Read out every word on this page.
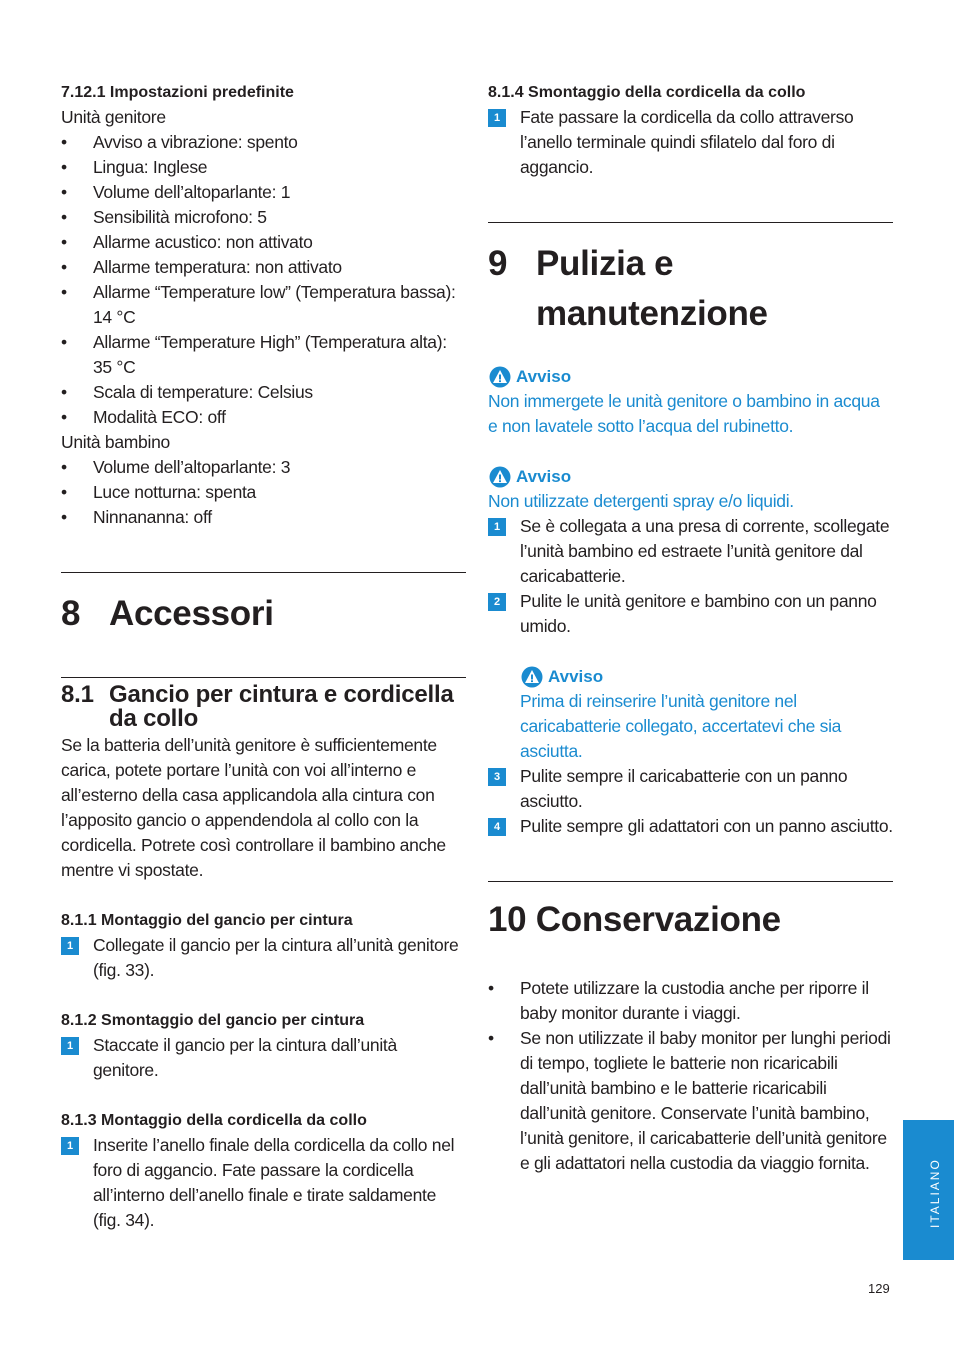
7.12.1 Impostazioni predefinite
Unità genitore
• Avviso a vibrazione: spento
• Lingua: Inglese
• Volume dell’altoparlante: 1
• Sensibilità microfono: 5
• Allarme acustico: non attivato
• Allarme temperatura: non attivato
• Allarme “Temperature low” (Temperatura bassa): 14 °C
• Allarme “Temperature High” (Temperatura alta): 35 °C
• Scala di temperature: Celsius
• Modalità ECO: off
Unità bambino
• Volume dell’altoparlante: 3
• Luce notturna: spenta
• Ninnananna: off
8 Accessori
8.1 Gancio per cintura e cordicella da collo
Se la batteria dell’unità genitore è sufficientemente carica, potete portare l’unità con voi all’interno e all’esterno della casa applicandola alla cintura con l’apposito gancio o appendendola al collo con la cordicella. Potrete così controllare il bambino anche mentre vi spostate.
8.1.1 Montaggio del gancio per cintura
1	Collegate il gancio per la cintura all’unità genitore (fig. 33).
8.1.2 Smontaggio del gancio per cintura
1	Staccate il gancio per la cintura dall’unità genitore.
8.1.3 Montaggio della cordicella da collo
1	Inserite l’anello finale della cordicella da collo nel foro di aggancio. Fate passare la cordicella all’interno dell’anello finale e tirate saldamente (fig. 34).
8.1.4 Smontaggio della cordicella da collo
1	Fate passare la cordicella da collo attraverso l’anello terminale quindi sfilatelo dal foro di aggancio.
9 Pulizia e
manutenzione
Avviso
Non immergete le unità genitore o bambino in acqua e non lavatele sotto l’acqua del rubinetto.
Avviso
Non utilizzate detergenti spray e/o liquidi.
1	Se è collegata a una presa di corrente, scollegate l’unità bambino ed estraete l’unità genitore dal caricabatterie.
2	Pulite le unità genitore e bambino con un panno umido.
Avviso
Prima di reinserire l’unità genitore nel caricabatterie collegato, accertatevi che sia asciutta.
3	Pulite sempre il caricabatterie con un panno asciutto.
4	Pulite sempre gli adattatori con un panno asciutto.
10 Conservazione
• Potete utilizzare la custodia anche per riporre il baby monitor durante i viaggi.
• Se non utilizzate il baby monitor per lunghi periodi di tempo, togliete le batterie non ricaricabili dall’unità bambino e le batterie ricaricabili dall’unità genitore. Conservate l’unità bambino, l’unità genitore, il caricabatterie dell’unità genitore e gli adattatori nella custodia da viaggio fornita.	ITALIANO
129
